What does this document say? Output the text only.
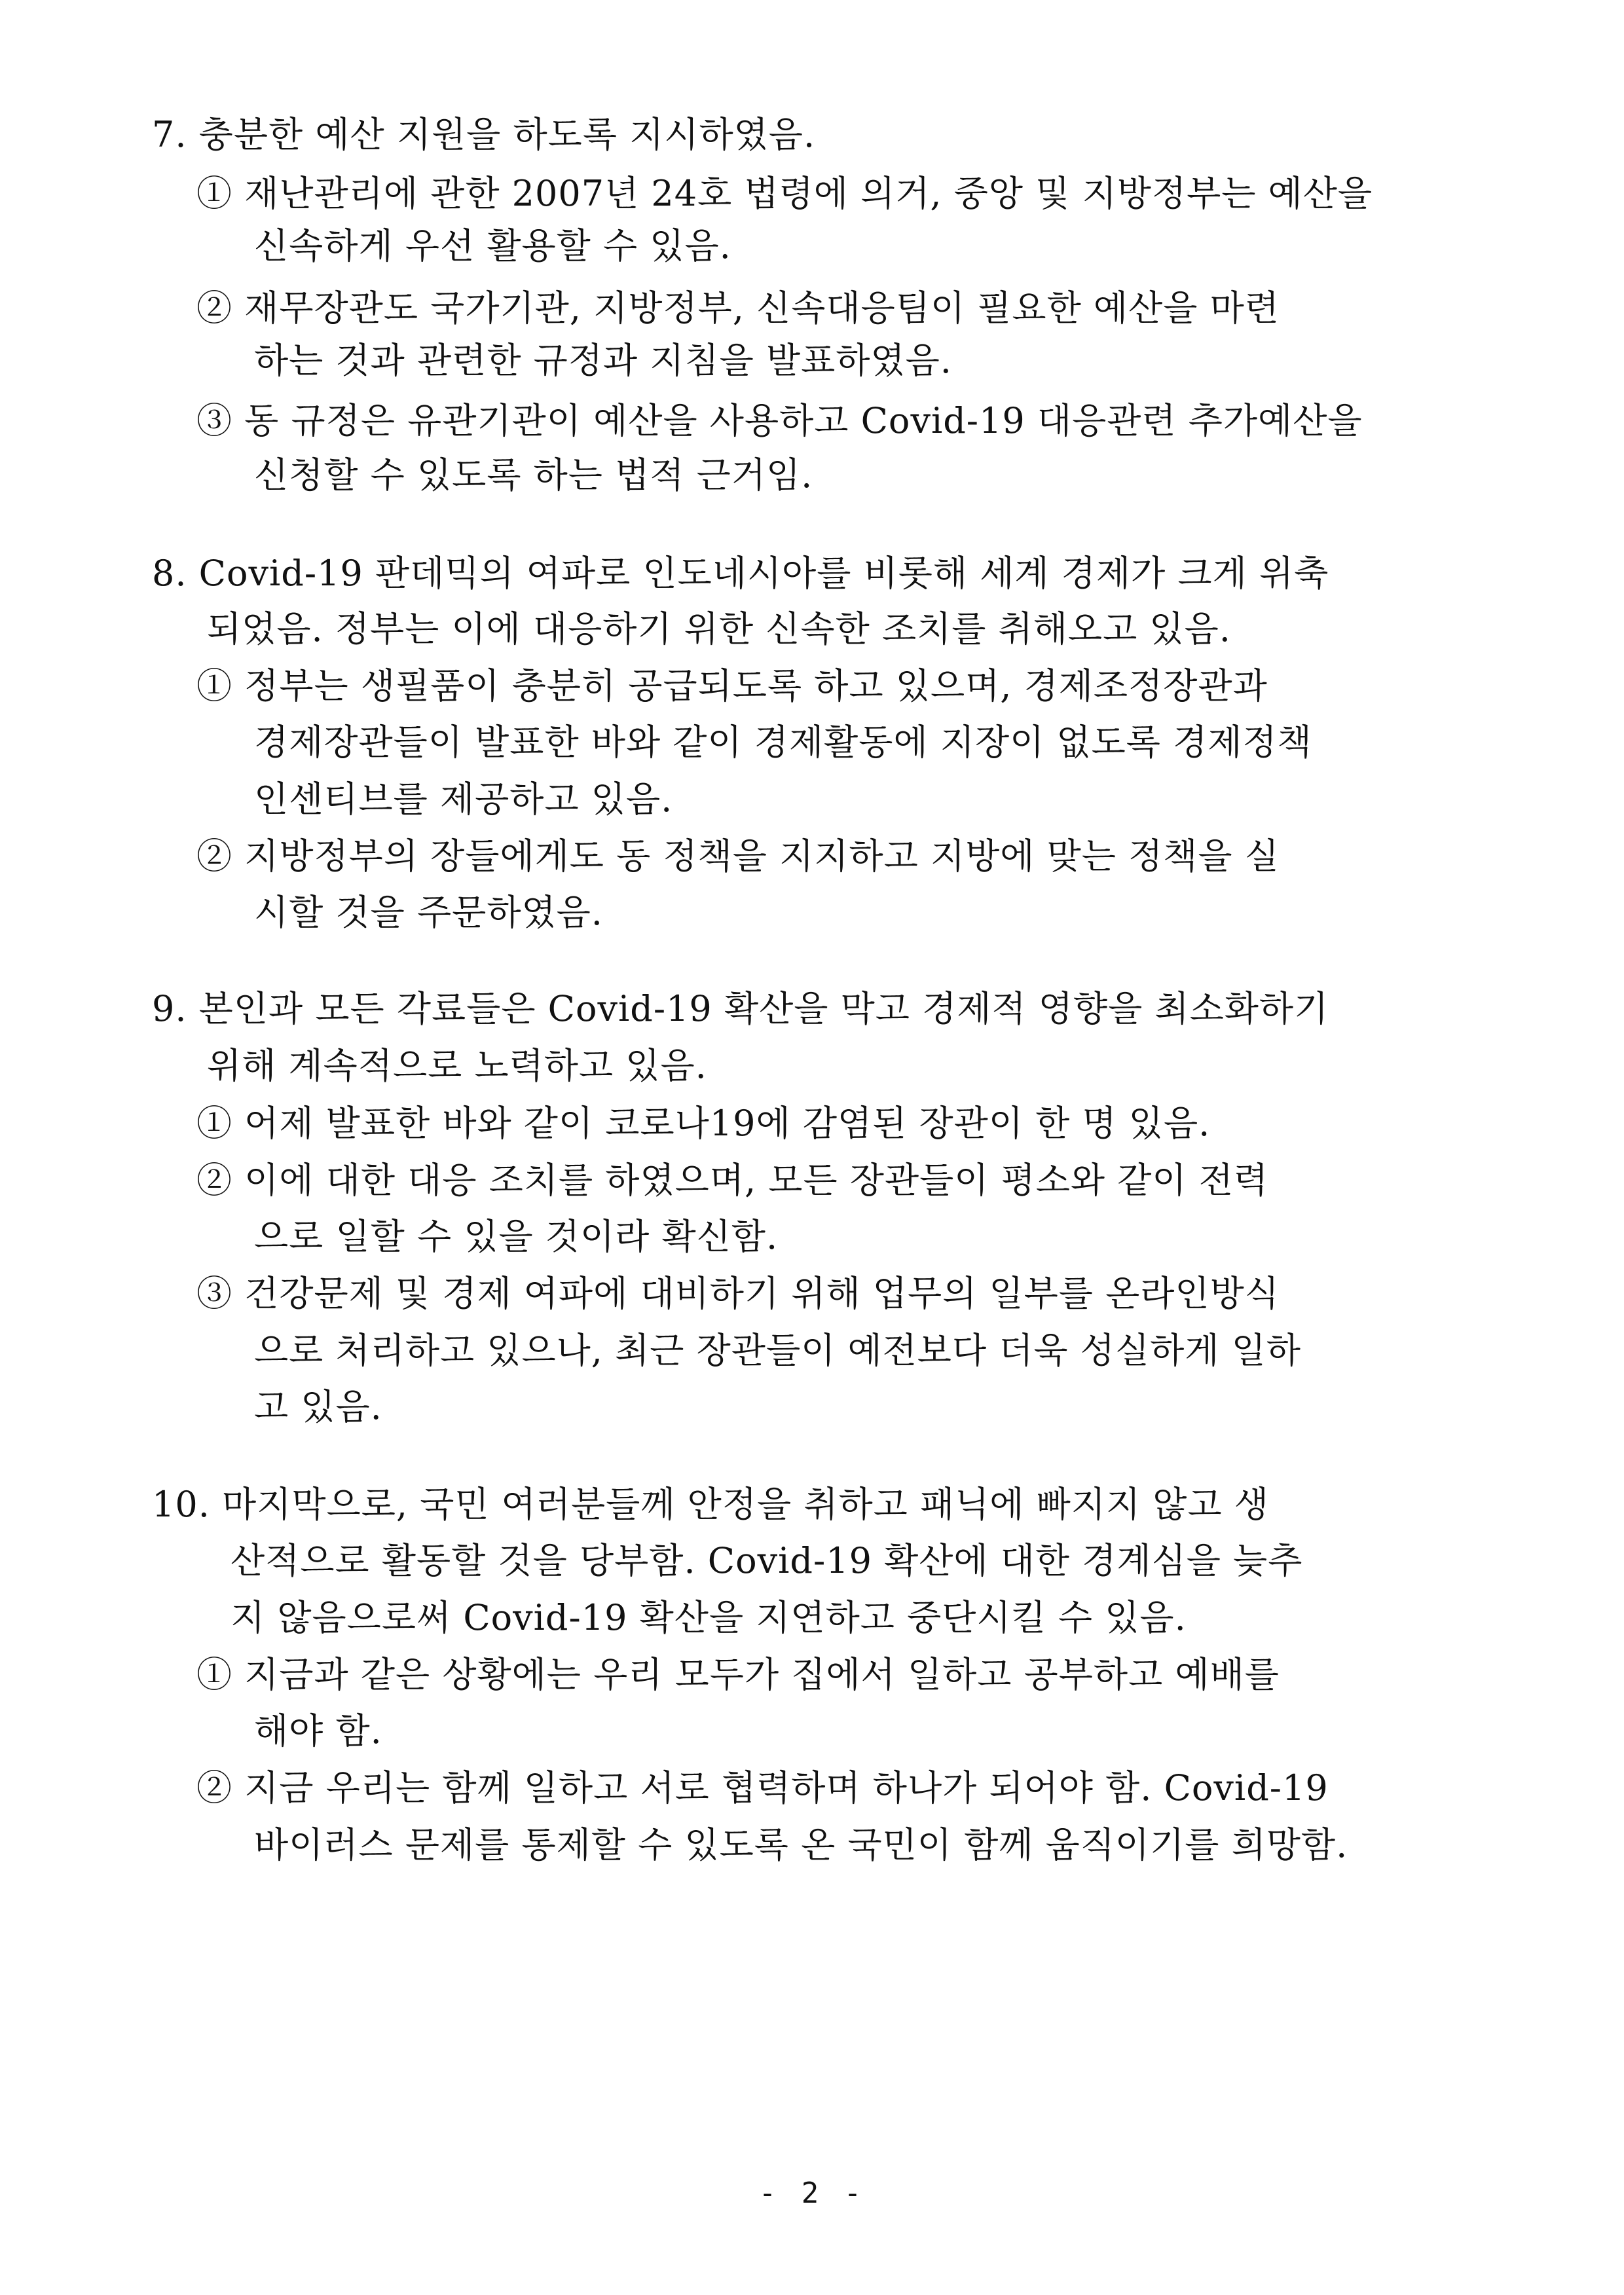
7. 충분한 예산 지원을 하도록 지시하였음.

① 재난관리에 관한 2007년 24호 법령에 의거, 중앙 및 지방정부는 예산을

신속하게 우선 활용할 수 있음.

② 재무장관도 국가기관, 지방정부, 신속대응팀이 필요한 예산을 마련

하는 것과 관련한 규정과 지침을 발표하였음.

③ 동 규정은 유관기관이 예산을 사용하고 Covid-19 대응관련 추가예산을

신청할 수 있도록 하는 법적 근거임.

8. Covid-19 판데믹의 여파로 인도네시아를 비롯해 세계 경제가 크게 위축

되었음. 정부는 이에 대응하기 위한 신속한 조치를 취해오고 있음.

① 정부는 생필품이 충분히 공급되도록 하고 있으며, 경제조정장관과

경제장관들이 발표한 바와 같이 경제활동에 지장이 없도록 경제정책

인센티브를 제공하고 있음.

② 지방정부의 장들에게도 동 정책을 지지하고 지방에 맞는 정책을 실

시할 것을 주문하였음.

9. 본인과 모든 각료들은 Covid-19 확산을 막고 경제적 영향을 최소화하기

위해 계속적으로 노력하고 있음.

① 어제 발표한 바와 같이 코로나19에 감염된 장관이 한 명 있음.

② 이에 대한 대응 조치를 하였으며, 모든 장관들이 평소와 같이 전력

으로 일할 수 있을 것이라 확신함.

③ 건강문제 및 경제 여파에 대비하기 위해 업무의 일부를 온라인방식

으로 처리하고 있으나, 최근 장관들이 예전보다 더욱 성실하게 일하

고 있음.

10. 마지막으로, 국민 여러분들께 안정을 취하고 패닉에 빠지지 않고 생

산적으로 활동할 것을 당부함. Covid-19 확산에 대한 경계심을 늦추

지 않음으로써 Covid-19 확산을 지연하고 중단시킬 수 있음.

① 지금과 같은 상황에는 우리 모두가 집에서 일하고 공부하고 예배를

해야 함.

② 지금 우리는 함께 일하고 서로 협력하며 하나가 되어야 함. Covid-19

바이러스 문제를 통제할 수 있도록 온 국민이 함께 움직이기를 희망함.

- 2 -
